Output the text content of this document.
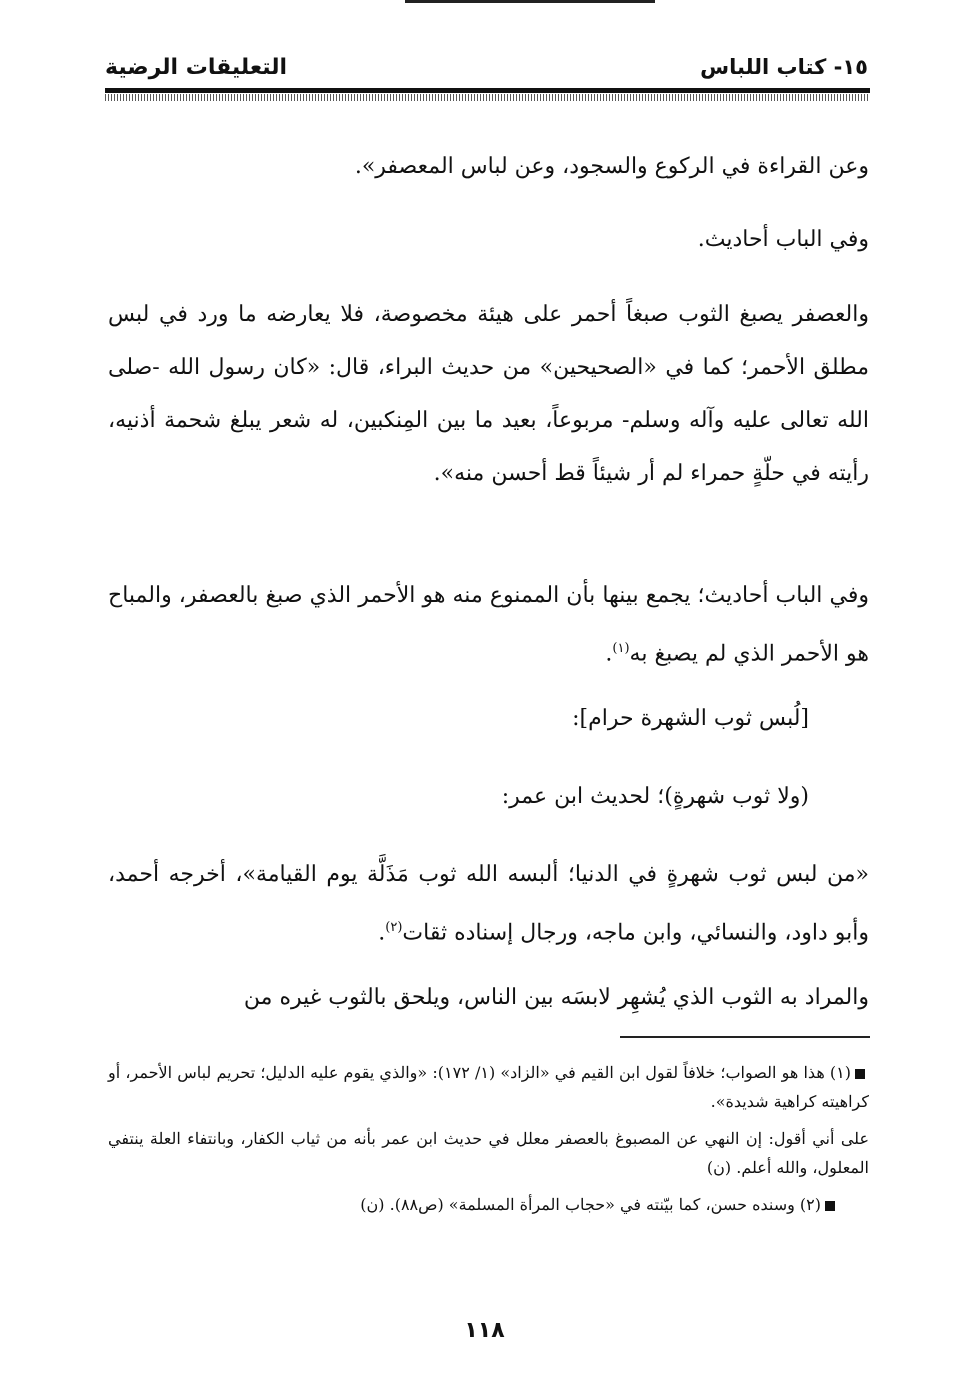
١٥- كتاب اللباس
التعليقات الرضية

وعن القراءة في الركوع والسجود، وعن لباس المعصفر».

وفي الباب أحاديث.

والعصفر يصبغ الثوب صبغاً أحمر على هيئة مخصوصة، فلا يعارضه ما ورد في لبس مطلق الأحمر؛ كما في «الصحيحين» من حديث البراء، قال: «كان رسول الله -صلى الله تعالى عليه وآله وسلم- مربوعاً، بعيد ما بين المِنكبين، له شعر يبلغ شحمة أذنيه، رأيته في حلّةٍ حمراء لم أر شيئاً قط أحسن منه».

وفي الباب أحاديث؛ يجمع بينها بأن الممنوع منه هو الأحمر الذي صبغ بالعصفر، والمباح هو الأحمر الذي لم يصبغ به$^{(١)}$.

[لُبس ثوب الشهرة حرام]:

(ولا ثوب شهرةٍ)؛ لحديث ابن عمر:

«من لبس ثوب شهرةٍ في الدنيا؛ ألبسه الله ثوب مَذَلَّة يوم القيامة»، أخرجه أحمد، وأبو داود، والنسائي، وابن ماجه، ورجال إسناده ثقات$^{(٢)}$.

والمراد به الثوب الذي يُشهِر لابسَه بين الناس، ويلحق بالثوب غيره من

(١) هذا هو الصواب؛ خلافاً لقول ابن القيم في «الزاد» (١/ ١٧٢): «والذي يقوم عليه الدليل؛ تحريم لباس الأحمر، أو كراهيته كراهية شديدة».

على أني أقول: إن النهي عن المصبوغ بالعصفر معلل في حديث ابن عمر بأنه من ثياب الكفار، وبانتفاء العلة ينتفي المعلول، والله أعلم. (ن)

(٢) وسنده حسن، كما بيّنته في «حجاب المرأة المسلمة» (ص٨٨). (ن)

١١٨
